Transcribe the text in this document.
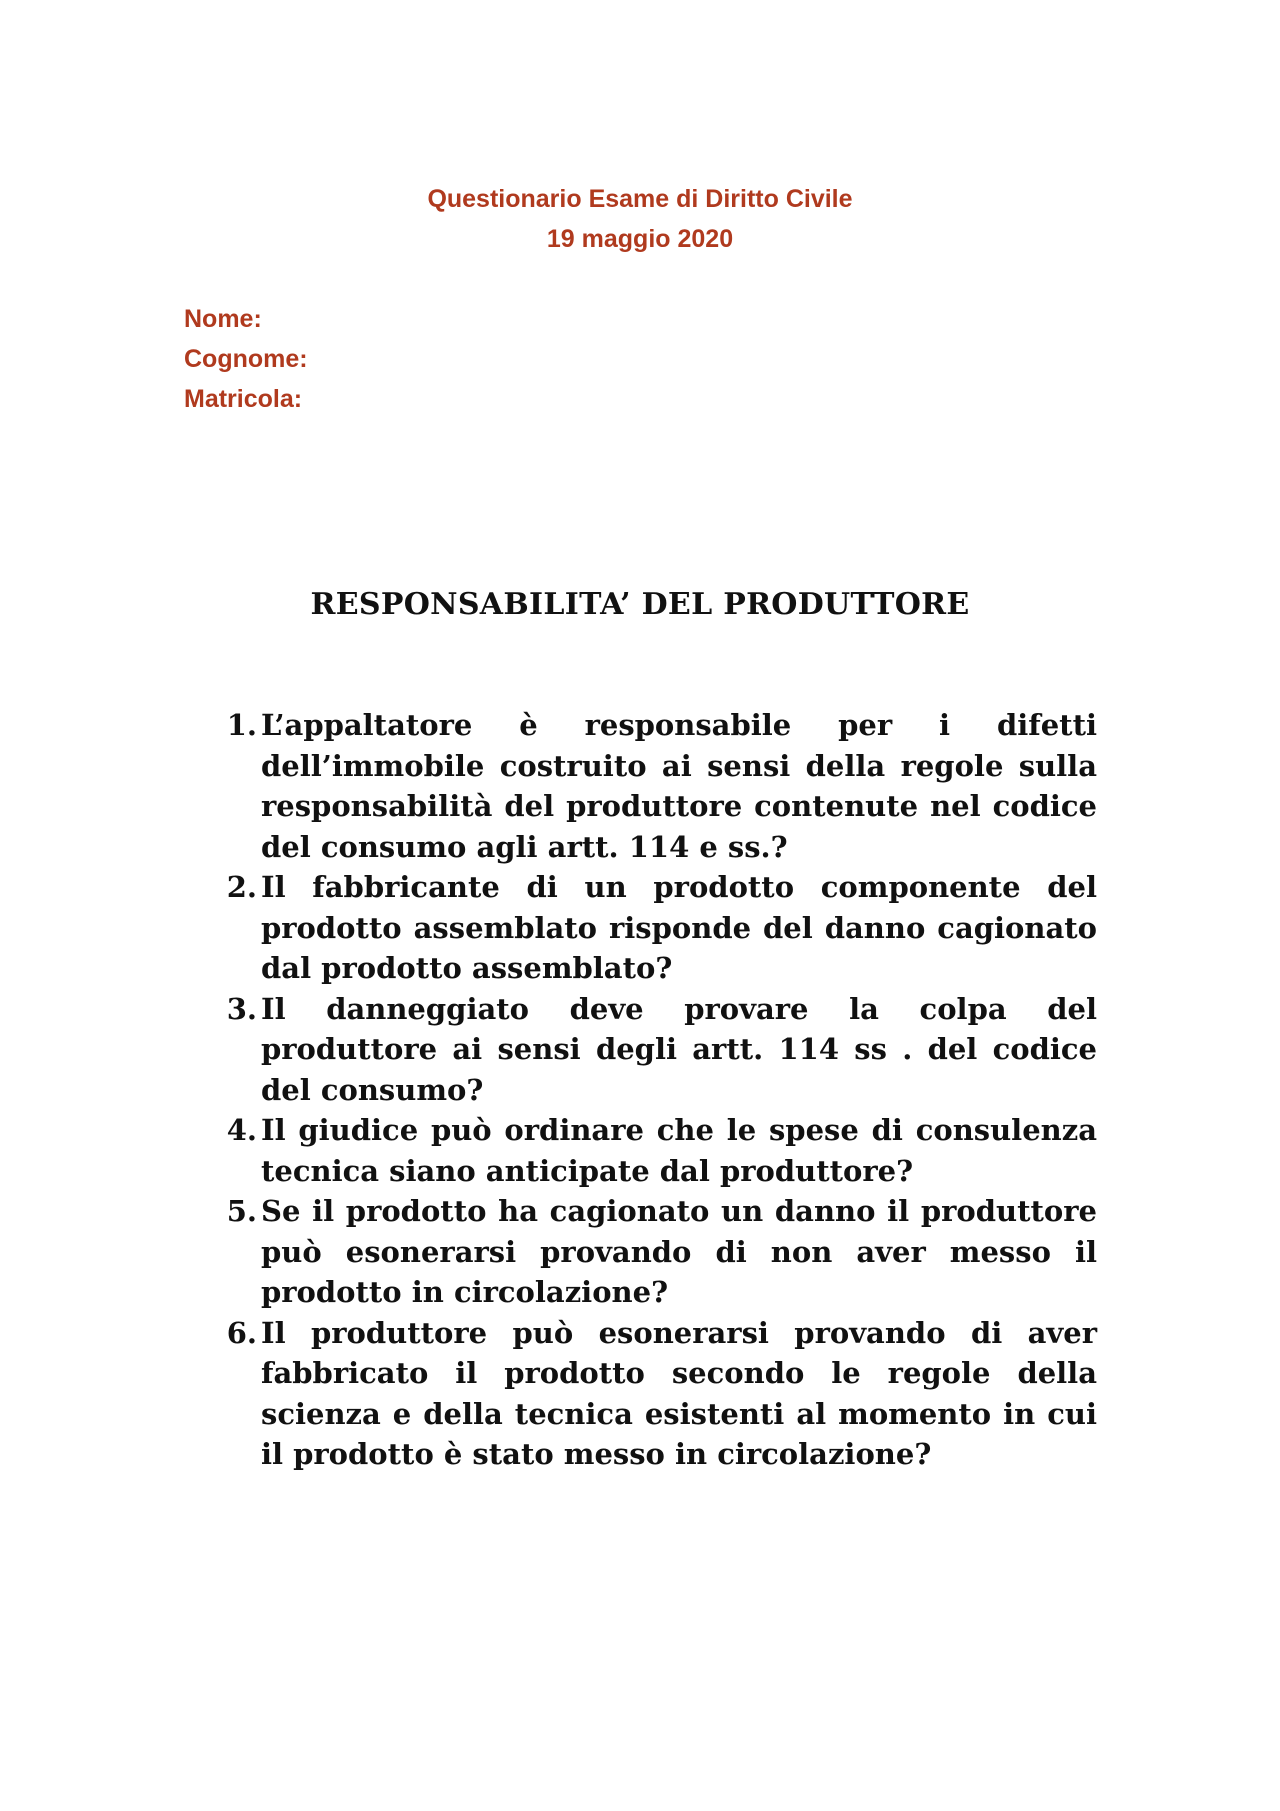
Questionario Esame di Diritto Civile
19 maggio 2020
Nome:
Cognome:
Matricola:
RESPONSABILITA’ DEL PRODUTTORE
1. L’appaltatore è responsabile per i difetti dell’immobile costruito ai sensi della regole sulla responsabilità del produttore contenute nel codice del consumo agli artt. 114 e ss.?
2. Il fabbricante di un prodotto componente del prodotto assemblato risponde del danno cagionato dal prodotto assemblato?
3. Il danneggiato deve provare la colpa del produttore ai sensi degli artt. 114 ss . del codice del consumo?
4. Il giudice può ordinare che le spese di consulenza tecnica siano anticipate dal produttore?
5. Se il prodotto ha cagionato un danno il produttore può esonerarsi provando di non aver messo il prodotto in circolazione?
6. Il produttore può esonerarsi provando di aver fabbricato il prodotto secondo le regole della scienza e della tecnica esistenti al momento in cui il prodotto è stato messo in circolazione?
